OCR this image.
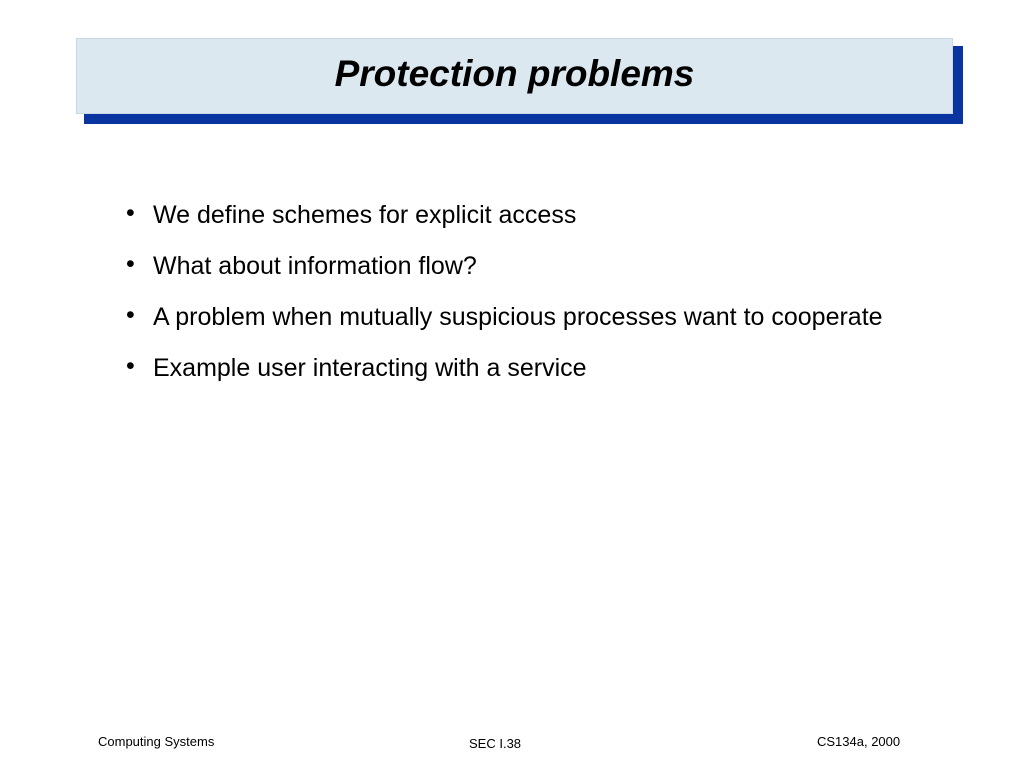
Protection problems
• We define schemes for explicit access
• What about information flow?
• A problem when mutually suspicious processes want to cooperate
• Example user interacting with a service
Computing Systems	SEC I.38	CS134a, 2000
